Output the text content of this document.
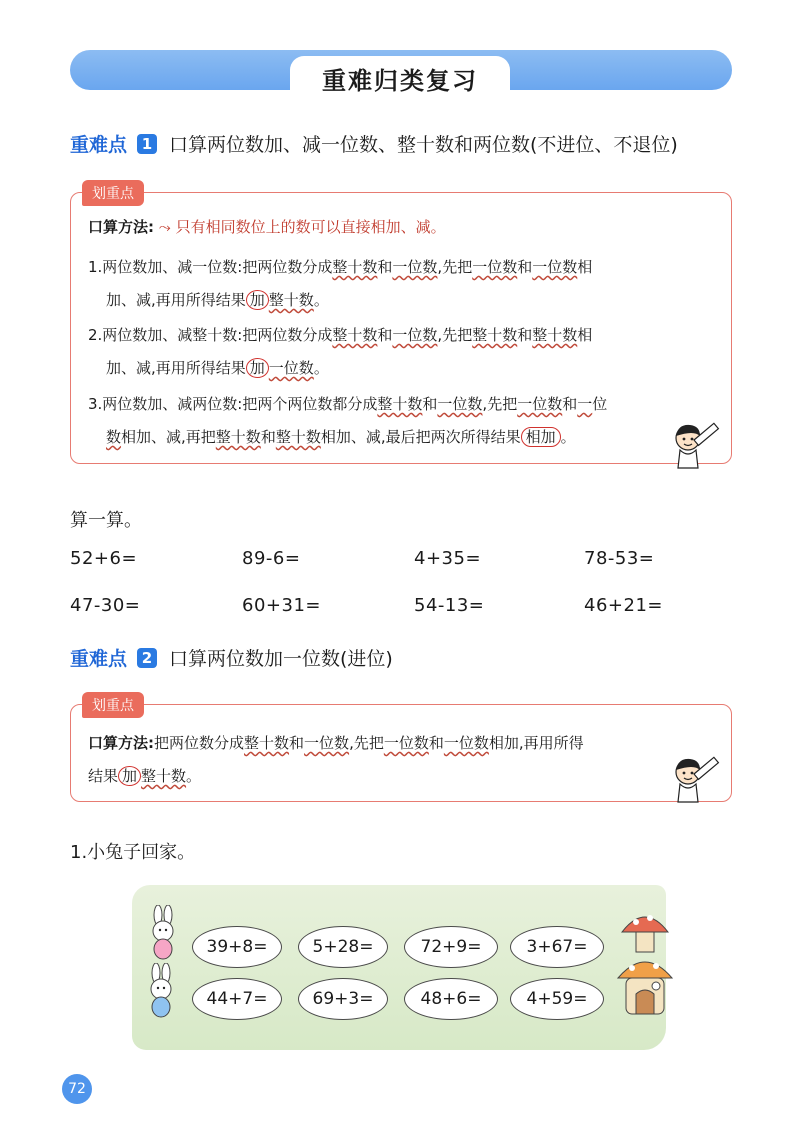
重难归类复习
重难点 1 口算两位数加、减一位数、整十数和两位数(不进位、不退位)
划重点
口算方法: ⤳ 只有相同数位上的数可以直接相加、减。
1.两位数加、减一位数:把两位数分成整十数和一位数,先把一位数和一位数相
加、减,再用所得结果 加 整十数。
2.两位数加、减整十数:把两位数分成整十数和一位数,先把整十数和整十数相
加、减,再用所得结果 加 一位数。
3.两位数加、减两位数:把两个两位数都分成整十数和一位数,先把一位数和一位
数相加、减,再把整十数和整十数相加、减,最后把两次所得结果 相加 。
算一算。
52+6=	89-6=	4+35=	78-53=
47-30=	60+31=	54-13=	46+21=
重难点 2 口算两位数加一位数(进位)
划重点
口算方法:把两位数分成整十数和一位数,先把一位数和一位数相加,再用所得
结果 加 整十数。
1.小兔子回家。
39+8=	5+28=	72+9=	3+67=
44+7=	69+3=	48+6=	4+59=
72
